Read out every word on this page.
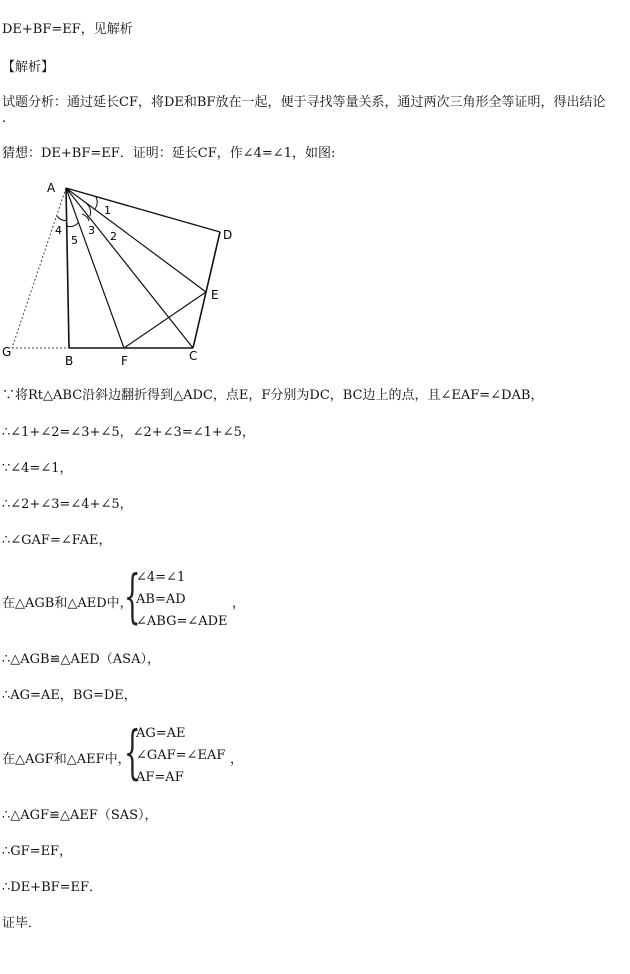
DE+BF=EF，见解析
【解析】
试题分析：通过延长CF，将DE和BF放在一起，便于寻找等量关系，通过两次三角形全等证明，得出结论
.
猜想：DE+BF=EF．证明：延长CF，作∠4=∠1，如图:
A
D
E
G
B	F	C
1
2
3
4
5
∵将Rt△ABC沿斜边翻折得到△ADC，点E，F分别为DC，BC边上的点，且∠EAF=∠DAB，
∴∠1+∠2=∠3+∠5，∠2+∠3=∠1+∠5，
∵∠4=∠1，
∴∠2+∠3=∠4+∠5，
∴∠GAF=∠FAE，
在△AGB和△AED中，
{
∠4=∠1
AB=AD
∠ABG=∠ADE
，
∴△AGB≌△AED（ASA），
∴AG=AE，BG=DE，
在△AGF和△AEF中，
{
AG=AE
∠GAF=∠EAF
AF=AF
，
∴△AGF≌△AEF（SAS），
∴GF=EF，
∴DE+BF=EF．
证毕．
